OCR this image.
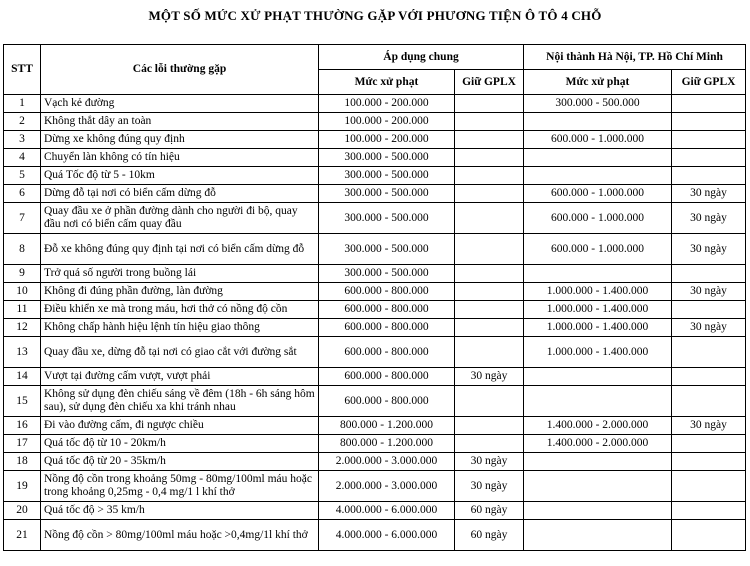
MỘT SỐ MỨC XỬ PHẠT THƯỜNG GẶP VỚI PHƯƠNG TIỆN Ô TÔ 4 CHỖ
STT	Các lỗi thường gặp	Áp dụng chung		Nội thành Hà Nội, TP. Hồ Chí Minh	
		Mức xử phạt	Giữ GPLX	Mức xử phạt	Giữ GPLX
1	Vạch kẻ đường	100.000 - 200.000		300.000 - 500.000	
2	Không thắt dây an toàn	100.000 - 200.000			
3	Dừng xe không đúng quy định	100.000 - 200.000		600.000 - 1.000.000	
4	Chuyển làn không có tín hiệu	300.000 - 500.000			
5	Quá Tốc độ từ 5 - 10km	300.000 - 500.000			
6	Dừng đỗ tại nơi có biển cấm dừng đỗ	300.000 - 500.000		600.000 - 1.000.000	30 ngày
7	Quay đầu xe ở phần đường dành cho người đi bộ, quay đầu nơi có biển cấm quay đầu	300.000 - 500.000		600.000 - 1.000.000	30 ngày
8	Đỗ xe không đúng quy định tại nơi có biển cấm dừng đỗ	300.000 - 500.000		600.000 - 1.000.000	30 ngày
9	Trở quá số người trong buồng lái	300.000 - 500.000			
10	Không đi đúng phần đường, làn đường	600.000 - 800.000		1.000.000 - 1.400.000	30 ngày
11	Điều khiển xe mà trong máu, hơi thở có nồng độ cồn	600.000 - 800.000		1.000.000 - 1.400.000	
12	Không chấp hành hiệu lệnh tín hiệu giao thông	600.000 - 800.000		1.000.000 - 1.400.000	30 ngày
13	Quay đầu xe, dừng đỗ tại nơi có giao cắt với đường sắt	600.000 - 800.000		1.000.000 - 1.400.000	
14	Vượt tại đường cấm vượt, vượt phải	600.000 - 800.000	30 ngày		
15	Không sử dụng đèn chiếu sáng về đêm (18h - 6h sáng hôm sau), sử dụng đèn chiếu xa khi tránh nhau	600.000 - 800.000			
16	Đi vào đường cấm, đi ngược chiều	800.000 - 1.200.000		1.400.000 - 2.000.000	30 ngày
17	Quá tốc độ từ 10 - 20km/h	800.000 - 1.200.000		1.400.000 - 2.000.000	
18	Quá tốc độ từ 20 - 35km/h	2.000.000 - 3.000.000	30 ngày		
19	Nồng độ cồn trong khoảng 50mg - 80mg/100ml máu hoặc trong khoảng 0,25mg - 0,4 mg/1 l khí thở	2.000.000 - 3.000.000	30 ngày		
20	Quá tốc độ > 35 km/h	4.000.000 - 6.000.000	60 ngày		
21	Nồng độ cồn > 80mg/100ml máu hoặc >0,4mg/1l khí thở	4.000.000 - 6.000.000	60 ngày		
